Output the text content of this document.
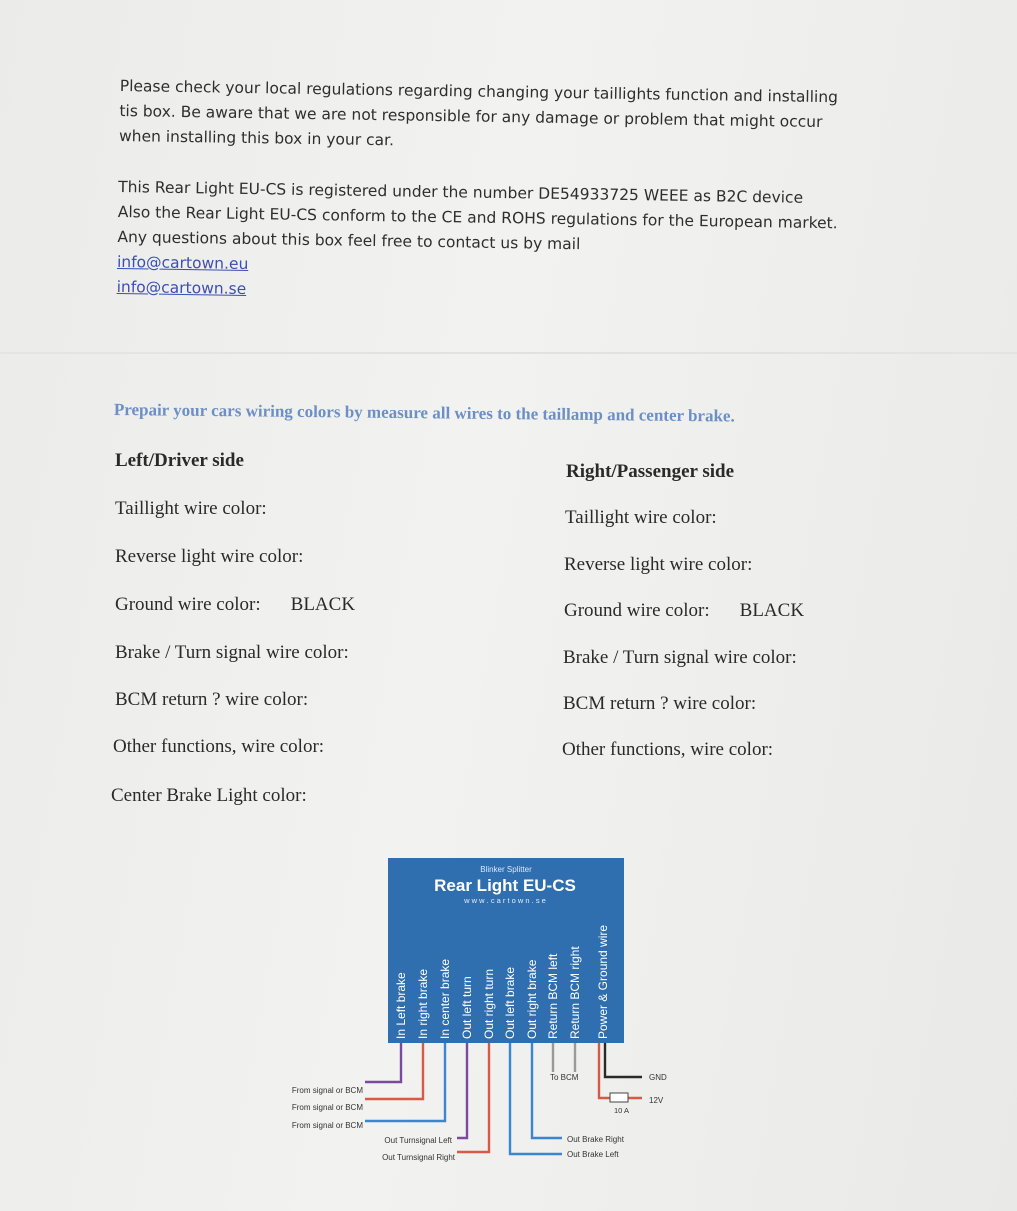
Please check your local regulations regarding changing your taillights function and installing

tis box. Be aware that we are not responsible for any damage or problem that might occur

when installing this box in your car.

This Rear Light EU-CS is registered under the number DE54933725 WEEE as B2C device

Also the Rear Light EU-CS conform to the CE and ROHS regulations for the European market.

Any questions about this box feel free to contact us by mail

info@cartown.eu

info@cartown.se

Prepair your cars wiring colors by measure all wires to the taillamp and center brake.
Left/Driver side
Taillight wire color:
Reverse light wire color:
Ground wire color: BLACK
Brake / Turn signal wire color:
BCM return ? wire color:
Other functions, wire color:
Center Brake Light color:
Right/Passenger side
Taillight wire color:
Reverse light wire color:
Ground wire color: BLACK
Brake / Turn signal wire color:
BCM return ? wire color:
Other functions, wire color:
Blinker Splitter
Rear Light EU-CS
w w w . c a r t o w n . s e
In Left brake In right brake In center brake Out left turn Out right turn Out left brake Out right brake Return BCM left Return BCM right Power & Ground wire
10 A
To BCM	GND
12V
From signal or BCM
From signal or BCM
From signal or BCM
Out Turnsignal Left
Out Turnsignal Right
Out Brake Right
Out Brake Left
